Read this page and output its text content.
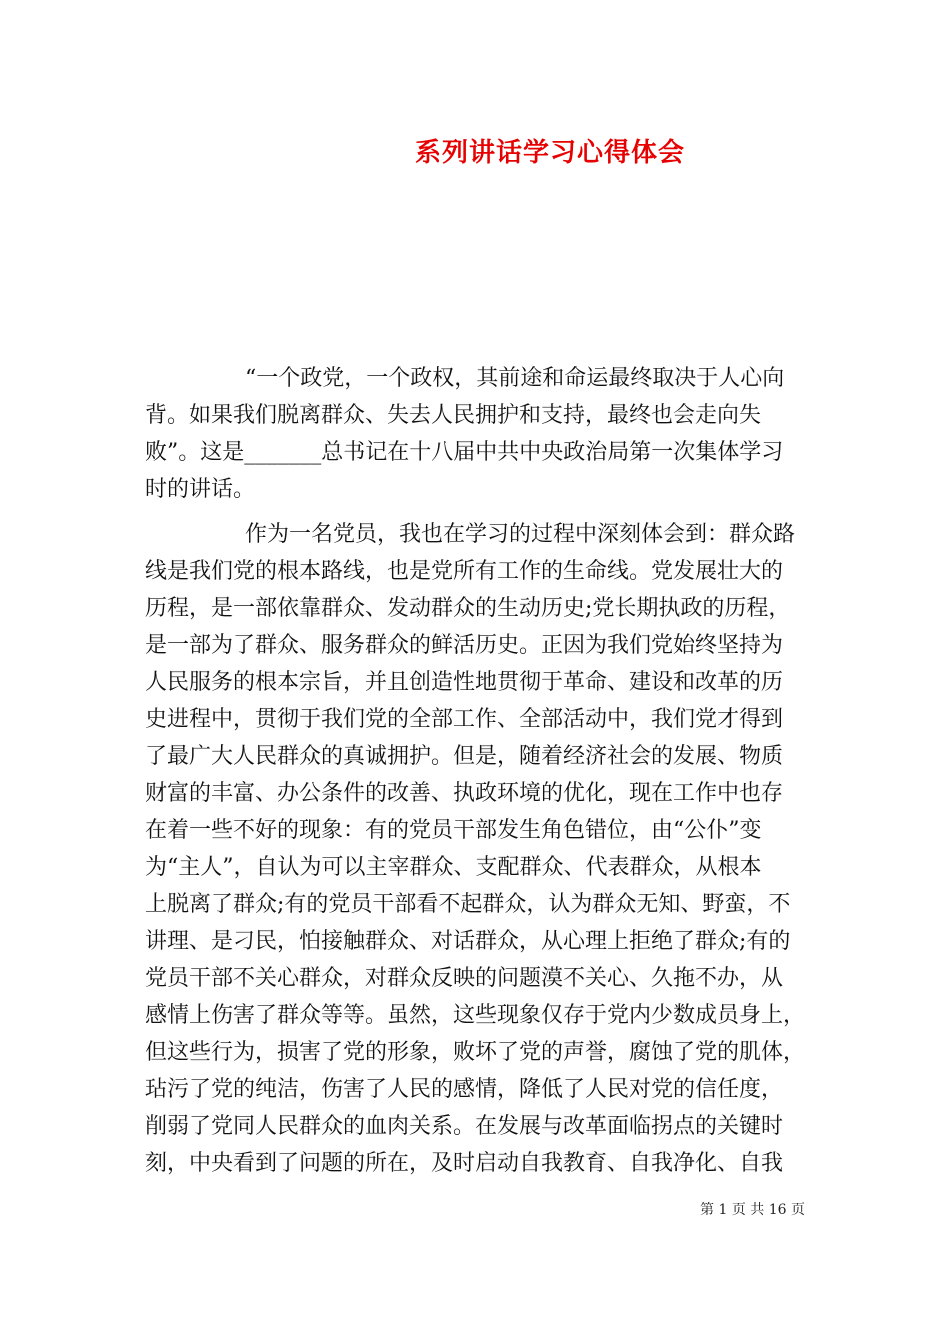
系列讲话学习心得体会
“一个政党，一个政权，其前途和命运最终取决于人心向
背。如果我们脱离群众、失去人民拥护和支持，最终也会走向失
败”。这是_______总书记在十八届中共中央政治局第一次集体学习
时的讲话。
作为一名党员，我也在学习的过程中深刻体会到：群众路
线是我们党的根本路线，也是党所有工作的生命线。党发展壮大的
历程，是一部依靠群众、发动群众的生动历史;党长期执政的历程，
是一部为了群众、服务群众的鲜活历史。正因为我们党始终坚持为
人民服务的根本宗旨，并且创造性地贯彻于革命、建设和改革的历
史进程中，贯彻于我们党的全部工作、全部活动中，我们党才得到
了最广大人民群众的真诚拥护。但是，随着经济社会的发展、物质
财富的丰富、办公条件的改善、执政环境的优化，现在工作中也存
在着一些不好的现象：有的党员干部发生角色错位，由“公仆”变
为“主人”，自认为可以主宰群众、支配群众、代表群众，从根本
上脱离了群众;有的党员干部看不起群众，认为群众无知、野蛮，不
讲理、是刁民，怕接触群众、对话群众，从心理上拒绝了群众;有的
党员干部不关心群众，对群众反映的问题漠不关心、久拖不办，从
感情上伤害了群众等等。虽然，这些现象仅存于党内少数成员身上，
但这些行为，损害了党的形象，败坏了党的声誉，腐蚀了党的肌体，
玷污了党的纯洁，伤害了人民的感情，降低了人民对党的信任度，
削弱了党同人民群众的血肉关系。在发展与改革面临拐点的关键时
刻，中央看到了问题的所在，及时启动自我教育、自我净化、自我
第 1 页 共 16 页
